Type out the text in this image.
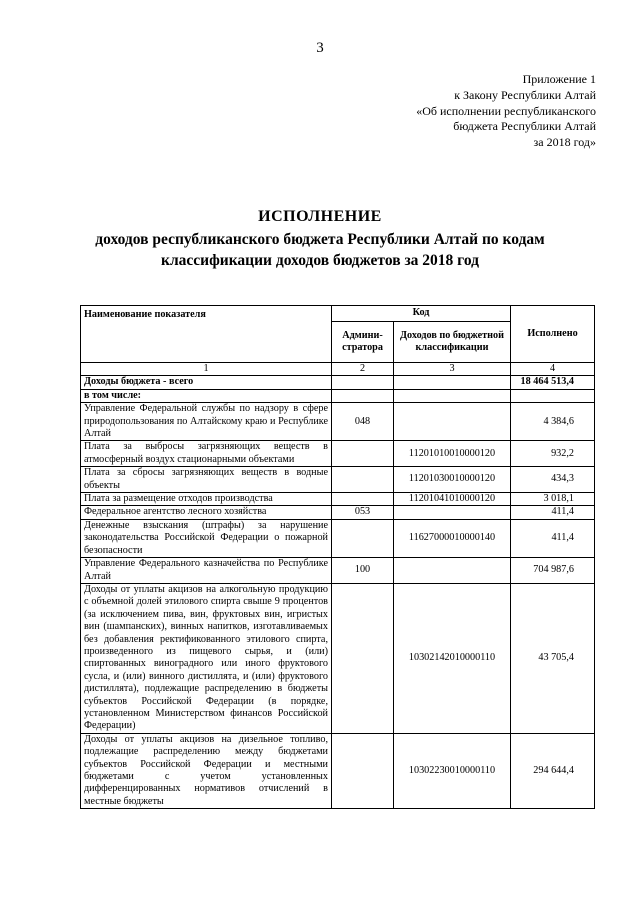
3
Приложение 1
к Закону Республики Алтай
«Об исполнении республиканского
бюджета Республики Алтай
за 2018 год»
ИСПОЛНЕНИЕ
доходов республиканского бюджета Республики Алтай по кодам
классификации доходов бюджетов за 2018 год
Наименование показателя	Код		Исполнено
	Админи-стратора	Доходов по бюджетной классификации	
1	2	3	4
Доходы бюджета - всего			18 464 513,4
в том числе:			
Управление Федеральной службы по надзору в сфере природопользования по Алтайскому краю и Республике Алтай	048		4 384,6
Плата за выбросы загрязняющих веществ в атмосферный воздух стационарными объектами		11201010010000120	932,2
Плата за сбросы загрязняющих веществ в водные объекты		11201030010000120	434,3
Плата за размещение отходов производства		11201041010000120	3 018,1
Федеральное агентство лесного хозяйства	053		411,4
Денежные взыскания (штрафы) за нарушение законодательства Российской Федерации о пожарной безопасности		11627000010000140	411,4
Управление Федерального казначейства по Республике Алтай	100		704 987,6
Доходы от уплаты акцизов на алкогольную продукцию с объемной долей этилового спирта свыше 9 процентов (за исключением пива, вин, фруктовых вин, игристых вин (шампанских), винных напитков, изготавливаемых без добавления ректификованного этилового спирта, произведенного из пищевого сырья, и (или) спиртованных виноградного или иного фруктового сусла, и (или) винного дистиллята, и (или) фруктового дистиллята), подлежащие распределению в бюджеты субъектов Российской Федерации (в порядке, установленном Министерством финансов Российской Федерации)		10302142010000110	43 705,4
Доходы от уплаты акцизов на дизельное топливо, подлежащие распределению между бюджетами субъектов Российской Федерации и местными бюджетами с учетом установленных дифференцированных нормативов отчислений в местные бюджеты		10302230010000110	294 644,4
